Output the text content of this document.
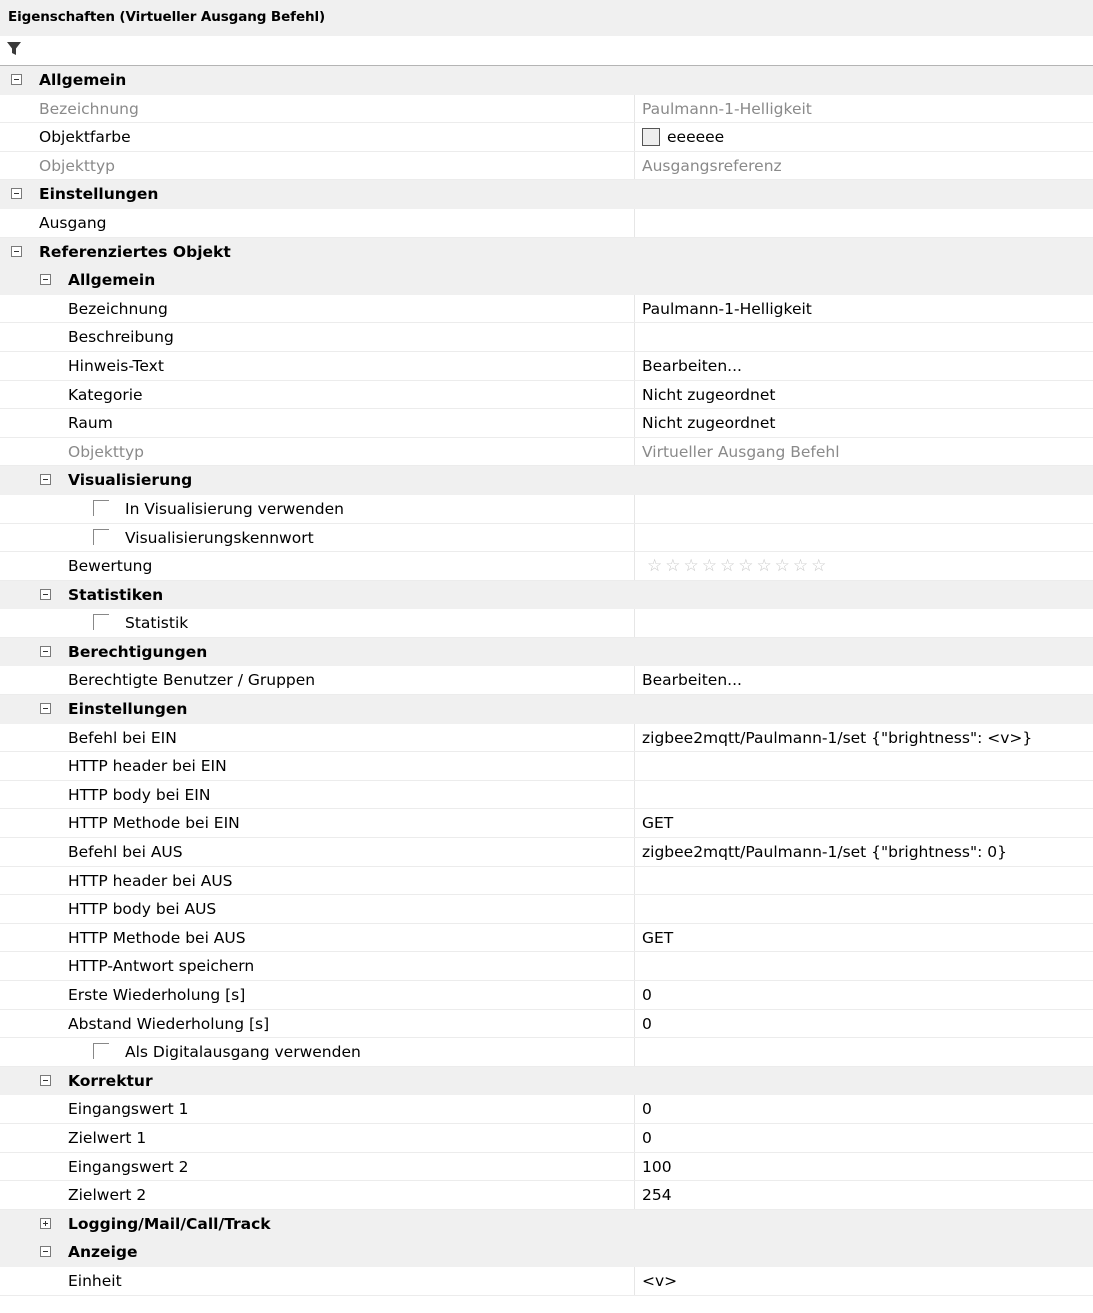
Eigenschaften (Virtueller Ausgang Befehl)
Allgemein
Bezeichnung	Paulmann-1-Helligkeit
Objektfarbe	eeeeee
Objekttyp	Ausgangsreferenz
Einstellungen
Ausgang
Referenziertes Objekt
Allgemein
Bezeichnung	Paulmann-1-Helligkeit
Beschreibung
Hinweis-Text	Bearbeiten...
Kategorie	Nicht zugeordnet
Raum	Nicht zugeordnet
Objekttyp	Virtueller Ausgang Befehl
Visualisierung
In Visualisierung verwenden
Visualisierungskennwort
Bewertung	☆☆☆☆☆☆☆☆☆☆
Statistiken
Statistik
Berechtigungen
Berechtigte Benutzer / Gruppen	Bearbeiten...
Einstellungen
Befehl bei EIN	zigbee2mqtt/Paulmann-1/set {"brightness": <v>}
HTTP header bei EIN
HTTP body bei EIN
HTTP Methode bei EIN	GET
Befehl bei AUS	zigbee2mqtt/Paulmann-1/set {"brightness": 0}
HTTP header bei AUS
HTTP body bei AUS
HTTP Methode bei AUS	GET
HTTP-Antwort speichern
Erste Wiederholung [s]	0
Abstand Wiederholung [s]	0
Als Digitalausgang verwenden
Korrektur
Eingangswert 1	0
Zielwert 1	0
Eingangswert 2	100
Zielwert 2	254
Logging/Mail/Call/Track
Anzeige
Einheit	<v>
